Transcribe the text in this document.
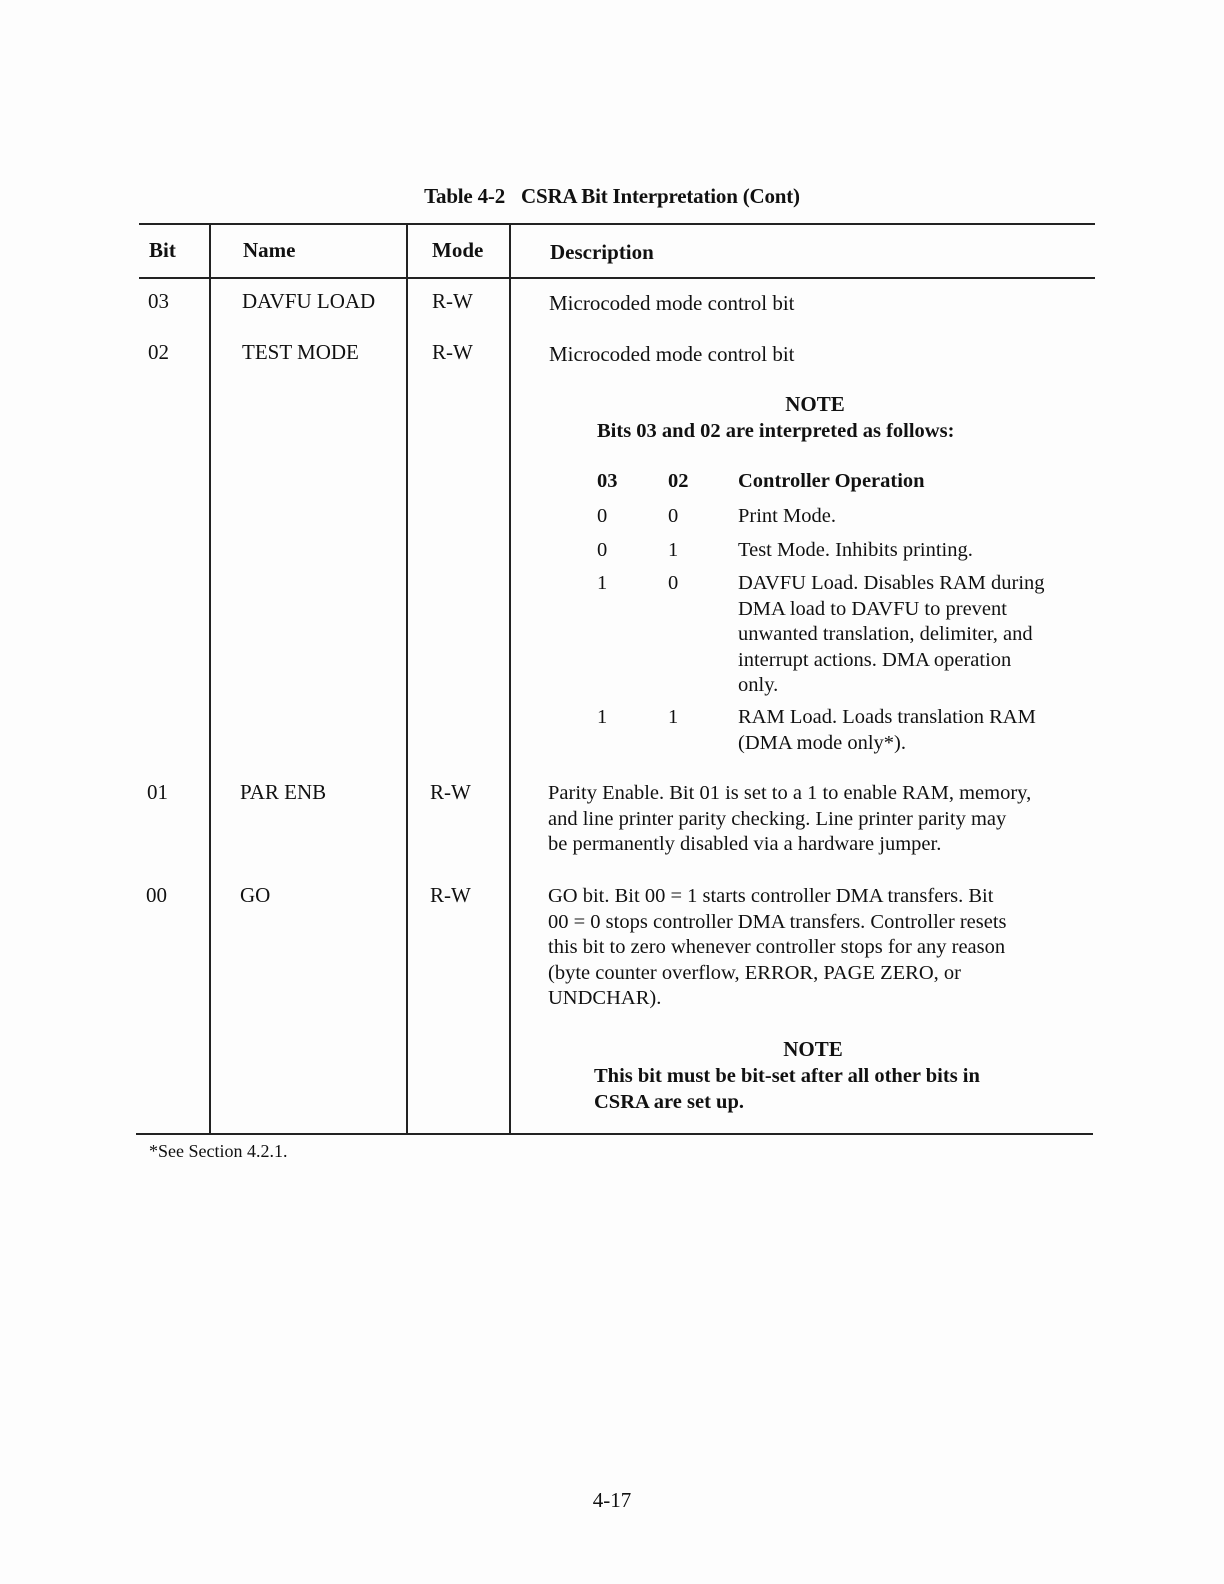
Table 4-2 CSRA Bit Interpretation (Cont)
Bit	Name	Mode	Description
03	DAVFU LOAD	R-W	Microcoded mode control bit
02	TEST MODE	R-W	Microcoded mode control bit
NOTE
Bits 03 and 02 are interpreted as follows:
03 02 Controller Operation
0	0	Print Mode.
0	1	Test Mode. Inhibits printing.
1	0	DAVFU Load. Disables RAM during
DMA load to DAVFU to prevent
unwanted translation, delimiter, and
interrupt actions. DMA operation
only.
1	1	RAM Load. Loads translation RAM
(DMA mode only*).
01	PAR ENB	R-W	Parity Enable. Bit 01 is set to a 1 to enable RAM, memory,
and line printer parity checking. Line printer parity may
be permanently disabled via a hardware jumper.
00	GO	R-W	GO bit. Bit 00 = 1 starts controller DMA transfers. Bit
00 = 0 stops controller DMA transfers. Controller resets
this bit to zero whenever controller stops for any reason
(byte counter overflow, ERROR, PAGE ZERO, or
UNDCHAR).
NOTE
This bit must be bit-set after all other bits in
CSRA are set up.
*See Section 4.2.1.
4-17
